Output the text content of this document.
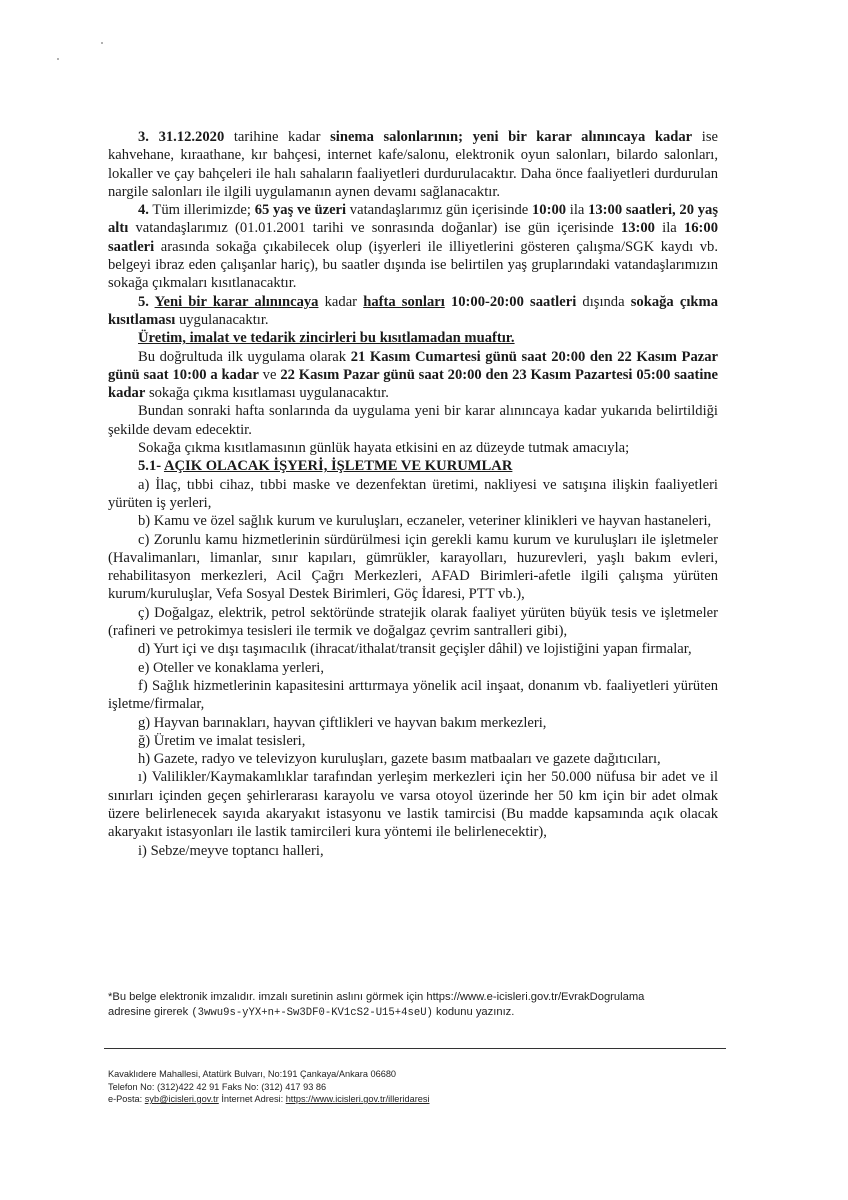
3. 31.12.2020 tarihine kadar sinema salonlarının; yeni bir karar alınıncaya kadar ise kahvehane, kıraathane, kır bahçesi, internet kafe/salonu, elektronik oyun salonları, bilardo salonları, lokaller ve çay bahçeleri ile halı sahaların faaliyetleri durdurulacaktır. Daha önce faaliyetleri durdurulan nargile salonları ile ilgili uygulamanın aynen devamı sağlanacaktır.

4. Tüm illerimizde; 65 yaş ve üzeri vatandaşlarımız gün içerisinde 10:00 ila 13:00 saatleri, 20 yaş altı vatandaşlarımız (01.01.2001 tarihi ve sonrasında doğanlar) ise gün içerisinde 13:00 ila 16:00 saatleri arasında sokağa çıkabilecek olup (işyerleri ile illiyetlerini gösteren çalışma/SGK kaydı vb. belgeyi ibraz eden çalışanlar hariç), bu saatler dışında ise belirtilen yaş gruplarındaki vatandaşlarımızın sokağa çıkmaları kısıtlanacaktır.

5. Yeni bir karar alınıncaya kadar hafta sonları 10:00-20:00 saatleri dışında sokağa çıkma kısıtlaması uygulanacaktır.

Üretim, imalat ve tedarik zincirleri bu kısıtlamadan muaftır.

Bu doğrultuda ilk uygulama olarak 21 Kasım Cumartesi günü saat 20:00 den 22 Kasım Pazar günü saat 10:00 a kadar ve 22 Kasım Pazar günü saat 20:00 den 23 Kasım Pazartesi 05:00 saatine kadar sokağa çıkma kısıtlaması uygulanacaktır.

Bundan sonraki hafta sonlarında da uygulama yeni bir karar alınıncaya kadar yukarıda belirtildiği şekilde devam edecektir.

Sokağa çıkma kısıtlamasının günlük hayata etkisini en az düzeyde tutmak amacıyla;

5.1- AÇIK OLACAK İŞYERİ, İŞLETME VE KURUMLAR

a) İlaç, tıbbi cihaz, tıbbi maske ve dezenfektan üretimi, nakliyesi ve satışına ilişkin faaliyetleri yürüten iş yerleri,

b) Kamu ve özel sağlık kurum ve kuruluşları, eczaneler, veteriner klinikleri ve hayvan hastaneleri,

c) Zorunlu kamu hizmetlerinin sürdürülmesi için gerekli kamu kurum ve kuruluşları ile işletmeler (Havalimanları, limanlar, sınır kapıları, gümrükler, karayolları, huzurevleri, yaşlı bakım evleri, rehabilitasyon merkezleri, Acil Çağrı Merkezleri, AFAD Birimleri-afetle ilgili çalışma yürüten kurum/kuruluşlar, Vefa Sosyal Destek Birimleri, Göç İdaresi, PTT vb.),

ç) Doğalgaz, elektrik, petrol sektöründe stratejik olarak faaliyet yürüten büyük tesis ve işletmeler (rafineri ve petrokimya tesisleri ile termik ve doğalgaz çevrim santralleri gibi),

d) Yurt içi ve dışı taşımacılık (ihracat/ithalat/transit geçişler dâhil) ve lojistiğini yapan firmalar,

e) Oteller ve konaklama yerleri,

f) Sağlık hizmetlerinin kapasitesini arttırmaya yönelik acil inşaat, donanım vb. faaliyetleri yürüten işletme/firmalar,

g) Hayvan barınakları, hayvan çiftlikleri ve hayvan bakım merkezleri,

ğ) Üretim ve imalat tesisleri,

h) Gazete, radyo ve televizyon kuruluşları, gazete basım matbaaları ve gazete dağıtıcıları,

ı) Valilikler/Kaymakamlıklar tarafından yerleşim merkezleri için her 50.000 nüfusa bir adet ve il sınırları içinden geçen şehirlerarası karayolu ve varsa otoyol üzerinde her 50 km için bir adet olmak üzere belirlenecek sayıda akaryakıt istasyonu ve lastik tamircisi (Bu madde kapsamında açık olacak akaryakıt istasyonları ile lastik tamircileri kura yöntemi ile belirlenecektir),

i) Sebze/meyve toptancı halleri,

*Bu belge elektronik imzalıdır. imzalı suretinin aslını görmek için https://www.e-icisleri.gov.tr/EvrakDogrulama
adresine girerek (3wwu9s-yYX+n+-Sw3DF0-KV1cS2-U15+4seU) kodunu yazınız.
Kavaklıdere Mahallesi, Atatürk Bulvarı, No:191 Çankaya/Ankara 06680
Telefon No: (312)422 42 91 Faks No: (312) 417 93 86
e-Posta: syb@icisleri.gov.tr İnternet Adresi: https://www.icisleri.gov.tr/illeridaresi
